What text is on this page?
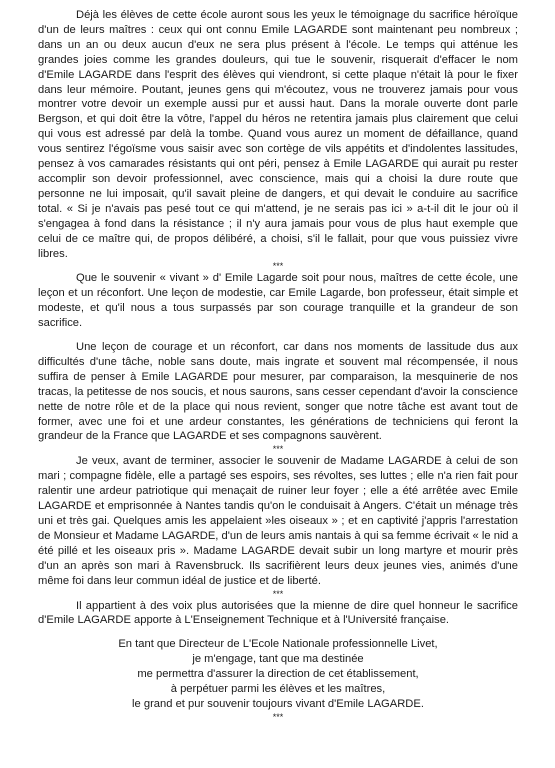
Déjà les élèves de cette école auront sous les yeux le témoignage du sacrifice héroïque d'un de leurs maîtres : ceux qui ont connu Emile LAGARDE sont maintenant peu nombreux ; dans un an ou deux aucun d'eux ne sera plus présent à l'école. Le temps qui atténue les grandes joies comme les grandes douleurs, qui tue le souvenir, risquerait d'effacer le nom d'Emile LAGARDE dans l'esprit des élèves qui viendront, si cette plaque n'était là pour le fixer dans leur mémoire. Poutant, jeunes gens qui m'écoutez, vous ne trouverez jamais pour vous montrer votre devoir un exemple aussi pur et aussi haut. Dans la morale ouverte dont parle Bergson, et qui doit être la vôtre, l'appel du héros ne retentira jamais plus clairement que celui qui vous est adressé par delà la tombe. Quand vous aurez un moment de défaillance, quand vous sentirez l'égoïsme vous saisir avec son cortège de vils appétits et d'indolentes lassitudes, pensez à vos camarades résistants qui ont péri, pensez à Emile LAGARDE qui aurait pu rester accomplir son devoir professionnel, avec conscience, mais qui a choisi la dure route que personne ne lui imposait, qu'il savait pleine de dangers, et qui devait le conduire au sacrifice total. « Si je n'avais pas pesé tout ce qui m'attend, je ne serais pas ici » a-t-il dit le jour où il s'engagea à fond dans la résistance ; il n'y aura jamais pour vous de plus haut exemple que celui de ce maître qui, de propos délibéré, a choisi, s'il le fallait, pour que vous puissiez vivre libres.

***

Que le souvenir « vivant » d' Emile Lagarde soit pour nous, maîtres de cette école, une leçon et un réconfort. Une leçon de modestie, car Emile Lagarde, bon professeur, était simple et modeste, et qu'il nous a tous surpassés par son courage tranquille et la grandeur de son sacrifice.

Une leçon de courage et un réconfort, car dans nos moments de lassitude dus aux difficultés d'une tâche, noble sans doute, mais ingrate et souvent mal récompensée, il nous suffira de penser à Emile LAGARDE pour mesurer, par comparaison, la mesquinerie de nos tracas, la petitesse de nos soucis, et nous saurons, sans cesser cependant d'avoir la conscience nette de notre rôle et de la place qui nous revient, songer que notre tâche est avant tout de former, avec une foi et une ardeur constantes, les générations de techniciens qui feront la grandeur de la France que LAGARDE et ses compagnons sauvèrent.

***

Je veux, avant de terminer, associer le souvenir de Madame LAGARDE à celui de son mari ; compagne fidèle, elle a partagé ses espoirs, ses révoltes, ses luttes ; elle n'a rien fait pour ralentir une ardeur patriotique qui menaçait de ruiner leur foyer ; elle a été arrêtée avec Emile LAGARDE et emprisonnée à Nantes tandis qu'on le conduisait à Angers. C'était un ménage très uni et très gai. Quelques amis les appelaient »les oiseaux » ; et en captivité j'appris l'arrestation de Monsieur et Madame LAGARDE, d'un de leurs amis nantais à qui sa femme écrivait « le nid a été pillé et les oiseaux pris ». Madame LAGARDE devait subir un long martyre et mourir près d'un an après son mari à Ravensbruck. Ils sacrifièrent leurs deux jeunes vies, animés d'une même foi dans leur commun idéal de justice et de liberté.

***

Il appartient à des voix plus autorisées que la mienne de dire quel honneur le sacrifice d'Emile LAGARDE apporte à L'Enseignement Technique et à l'Université française.

En tant que Directeur de L'Ecole Nationale professionnelle Livet,
je m'engage, tant que ma destinée
me permettra d'assurer la direction de cet établissement,
à perpétuer parmi les élèves et les maîtres,
le grand et pur souvenir toujours vivant d'Emile LAGARDE.

***
